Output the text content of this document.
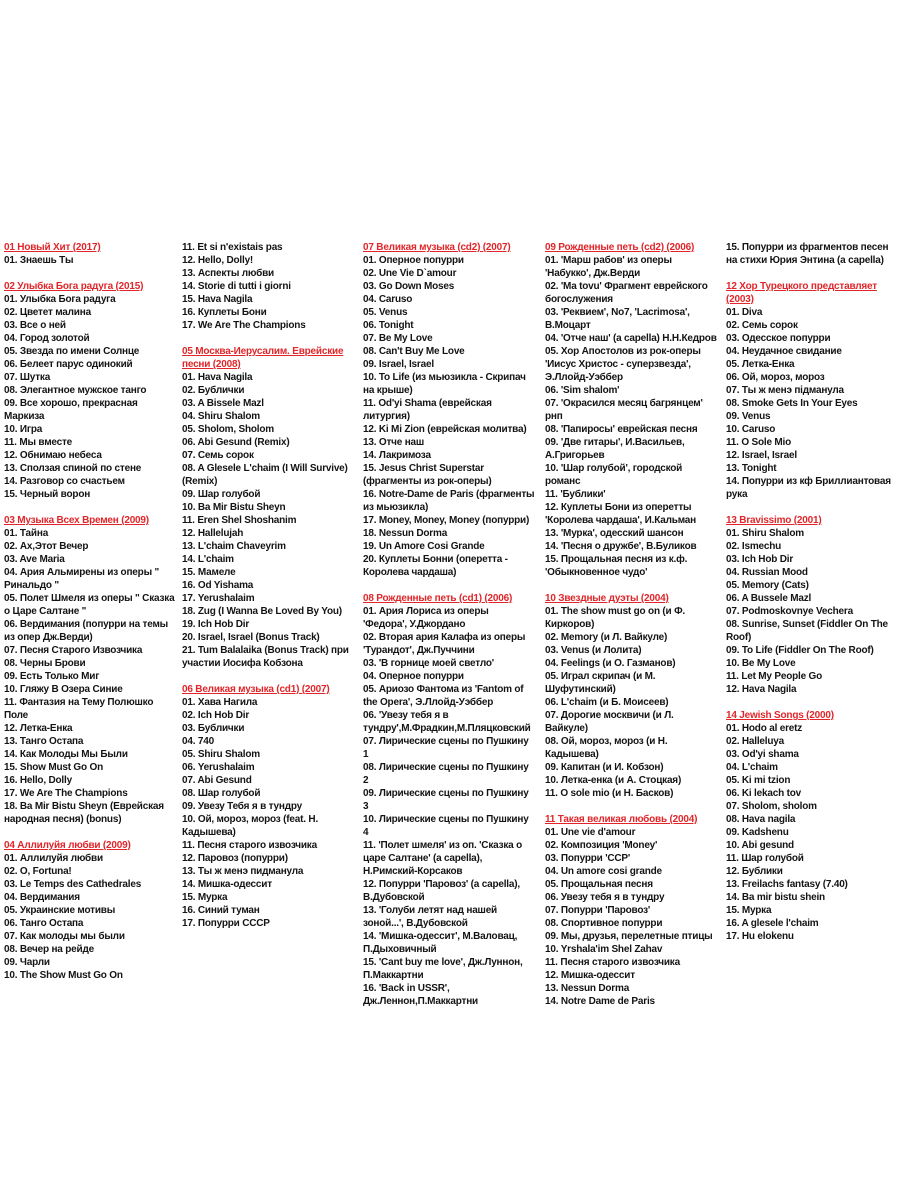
01 Новый Хит (2017)
01. Знаешь Ты
02 Улыбка Бога радуга (2015)
01. Улыбка Бога радуга
02. Цветет малина
03. Все о ней
04. Город золотой
05. Звезда по имени Солнце
06. Белеет парус одинокий
07. Шутка
08. Элегантное мужское танго
09. Все хорошо, прекрасная Маркиза
10. Игра
11. Мы вместе
12. Обнимаю небеса
13. Сползая спиной по стене
14. Разговор со счастьем
15. Черный ворон
03 Музыка Всех Времен (2009)
01. Тайна
02. Ах,Этот Вечер
03. Ave Maria
04. Ария Альмирены из оперы " Ринальдо "
05. Полет Шмеля из оперы " Сказка о Царе Салтане "
06. Вердимания (попурри на темы из опер Дж.Верди)
07. Песня Старого Извозчика
08. Черны Брови
09. Есть Только Миг
10. Гляжу В Озера Синие
11. Фантазия на Тему Полюшко Поле
12. Летка-Енка
13. Танго Остапа
14. Как Молоды Мы Были
15. Show Must Go On
16. Hello, Dolly
17. We Are The Champions
18. Ba Mir Bistu Sheyn (Еврейская народная песня) (bonus)
04 Аллилуйя любви (2009)
01. Аллилуйя любви
02. O, Fortuna!
03. Le Temps des Cathedrales
04. Вердимания
05. Украинские мотивы
06. Танго Остапа
07. Как молоды мы были
08. Вечер на рейде
09. Чарли
10. The Show Must Go On
11. Et si n'existais pas
12. Hello, Dolly!
13. Аспекты любви
14. Storie di tutti i giorni
15. Hava Nagila
16. Куплеты Бони
17. We Are The Champions
05 Москва-Иерусалим. Еврейские песни (2008)
01. Hava Nagila
02. Бублички
03. A Bissele Mazl
04. Shiru Shalom
05. Sholom, Sholom
06. Abi Gesund (Remix)
07. Семь сорок
08. A Glesele L'chaim (I Will Survive) (Remix)
09. Шар голубой
10. Ba Mir Bistu Sheyn
11. Eren Shel Shoshanim
12. Hallelujah
13. L'chaim Chaveyrim
14. L'chaim
15. Мамеле
16. Od Yishama
17. Yerushalaim
18. Zug (I Wanna Be Loved By You)
19. Ich Hob Dir
20. Israel, Israel (Bonus Track)
21. Tum Balalaika (Bonus Track) при участии Иосифа Кобзона
06 Великая музыка (cd1) (2007)
01. Хава Нагила
02. Ich Hob Dir
03. Бублички
04. 740
05. Shiru Shalom
06. Yerushalaim
07. Abi Gesund
08. Шар голубой
09. Увезу Тебя я в тундру
10. Ой, мороз, мороз (feat. Н. Кадышева)
11. Песня старого извозчика
12. Паровоз (попурри)
13. Ты ж менэ пидманула
14. Мишка-одессит
15. Мурка
16. Синий туман
17. Попурри СССР
07 Великая музыка (cd2) (2007)
01. Оперное попурри
02. Une Vie D`amour
03. Go Down Moses
04. Caruso
05. Venus
06. Tonight
07. Be My Love
08. Can't Buy Me Love
09. Israel, Israel
10. To Life (из мьюзикла - Скрипач на крыше)
11. Od'yi Shama (еврейская литургия)
12. Ki Mi Zion (еврейская молитва)
13. Отче наш
14. Лакримоза
15. Jesus Christ Superstar (фрагменты из рок-оперы)
16. Notre-Dame de Paris (фрагменты из мьюзикла)
17. Money, Money, Money (попурри)
18. Nessun Dorma
19. Un Amore Cosi Grande
20. Куплеты Бонни (оперетта - Королева чардаша)
08 Рожденные петь (cd1) (2006)
01. Ария Лориса из оперы 'Федора', У.Джордано
02. Вторая ария Калафа из оперы 'Турандот', Дж.Пуччини
03. 'В горнице моей светло'
04. Оперное попурри
05. Ариозо Фантома из 'Fantom of the Opera', Э.Ллойд-Уэббер
06. 'Увезу тебя я в тундру',М.Фрадкин,М.Пляцковский
07. Лирические сцены по Пушкину 1
08. Лирические сцены по Пушкину 2
09. Лирические сцены по Пушкину 3
10. Лирические сцены по Пушкину 4
11. 'Полет шмеля' из оп. 'Сказка о царе Салтане' (a capella), Н.Римский-Корсаков
12. Попурри 'Паровоз' (a capella), В.Дубовской
13. 'Голуби летят над нашей зоной...', В.Дубовской
14. 'Мишка-одессит', М.Валовац, П.Дыховичный
15. 'Cant buy me love', Дж.Луннон, П.Маккартни
16. 'Back in USSR', Дж.Леннон,П.Маккартни
09 Рожденные петь (cd2) (2006)
01. 'Марш рабов' из оперы 'Набукко', Дж.Верди
02. 'Ma tovu' Фрагмент еврейского богослужения
03. 'Реквием', No7, 'Lacrimosa', В.Моцарт
04. 'Отче наш' (a capella) Н.Н.Кедров
05. Хор Апостолов из рок-оперы 'Иисус Христос - суперзвезда', Э.Ллойд-Уэббер
06. 'Sim shalom'
07. 'Окрасился месяц багрянцем' рнп
08. 'Папиросы' еврейская песня
09. 'Две гитары', И.Васильев, А.Григорьев
10. 'Шар голубой', городской романс
11. 'Бублики'
12. Куплеты Бони из оперетты 'Королева чардаша', И.Кальман
13. 'Мурка', одесский шансон
14. 'Песня о дружбе', В.Буликов
15. Прощальная песня из к.ф. 'Обыкновенное чудо'
10 Звездные дуэты (2004)
01. The show must go on (и Ф. Киркоров)
02. Memory (и Л. Вайкуле)
03. Venus (и Лолита)
04. Feelings (и О. Газманов)
05. Играл скрипач (и М. Шуфутинский)
06. L'chaim (и Б. Моисеев)
07. Дорогие москвичи (и Л. Вайкуле)
08. Ой, мороз, мороз (и Н. Кадышева)
09. Капитан (и И. Кобзон)
10. Летка-енка (и А. Стоцкая)
11. O sole mio (и Н. Басков)
11 Такая великая любовь (2004)
01. Une vie d'amour
02. Композиция 'Money'
03. Попурри 'CCP'
04. Un amore cosi grande
05. Прощальная песня
06. Увезу тебя я в тундру
07. Попурри 'Паровоз'
08. Спортивное попурри
09. Мы, друзья, перелетные птицы
10. Yrshala'im Shel Zahav
11. Песня старого извозчика
12. Мишка-одессит
13. Nessun Dorma
14. Notre Dame de Paris
15. Попурри из фрагментов песен на стихи Юрия Энтина (a capella)
12 Хор Турецкого представляет (2003)
01. Diva
02. Семь сорок
03. Одесское попурри
04. Неудачное свидание
05. Летка-Енка
06. Ой, мороз, мороз
07. Ты ж менэ пiдманула
08. Smoke Gets In Your Eyes
09. Venus
10. Caruso
11. O Sole Mio
12. Israel, Israel
13. Tonight
14. Попурри из кф Бриллиантовая рука
13 Bravissimo (2001)
01. Shiru Shalom
02. Ismechu
03. Ich Hob Dir
04. Russian Mood
05. Memory (Cats)
06. A Bussele Mazl
07. Podmoskovnye Vechera
08. Sunrise, Sunset (Fiddler On The Roof)
09. To Life (Fiddler On The Roof)
10. Be My Love
11. Let My People Go
12. Hava Nagila
14 Jewish Songs (2000)
01. Hodo al eretz
02. Halleluya
03. Od'yi shama
04. L'chaim
05. Ki mi tzion
06. Ki lekach tov
07. Sholom, sholom
08. Hava nagila
09. Kadshenu
10. Abi gesund
11. Шар голубой
12. Бублики
13. Freilachs fantasy (7.40)
14. Ba mir bistu shein
15. Мурка
16. A glesele l'chaim
17. Hu elokenu
